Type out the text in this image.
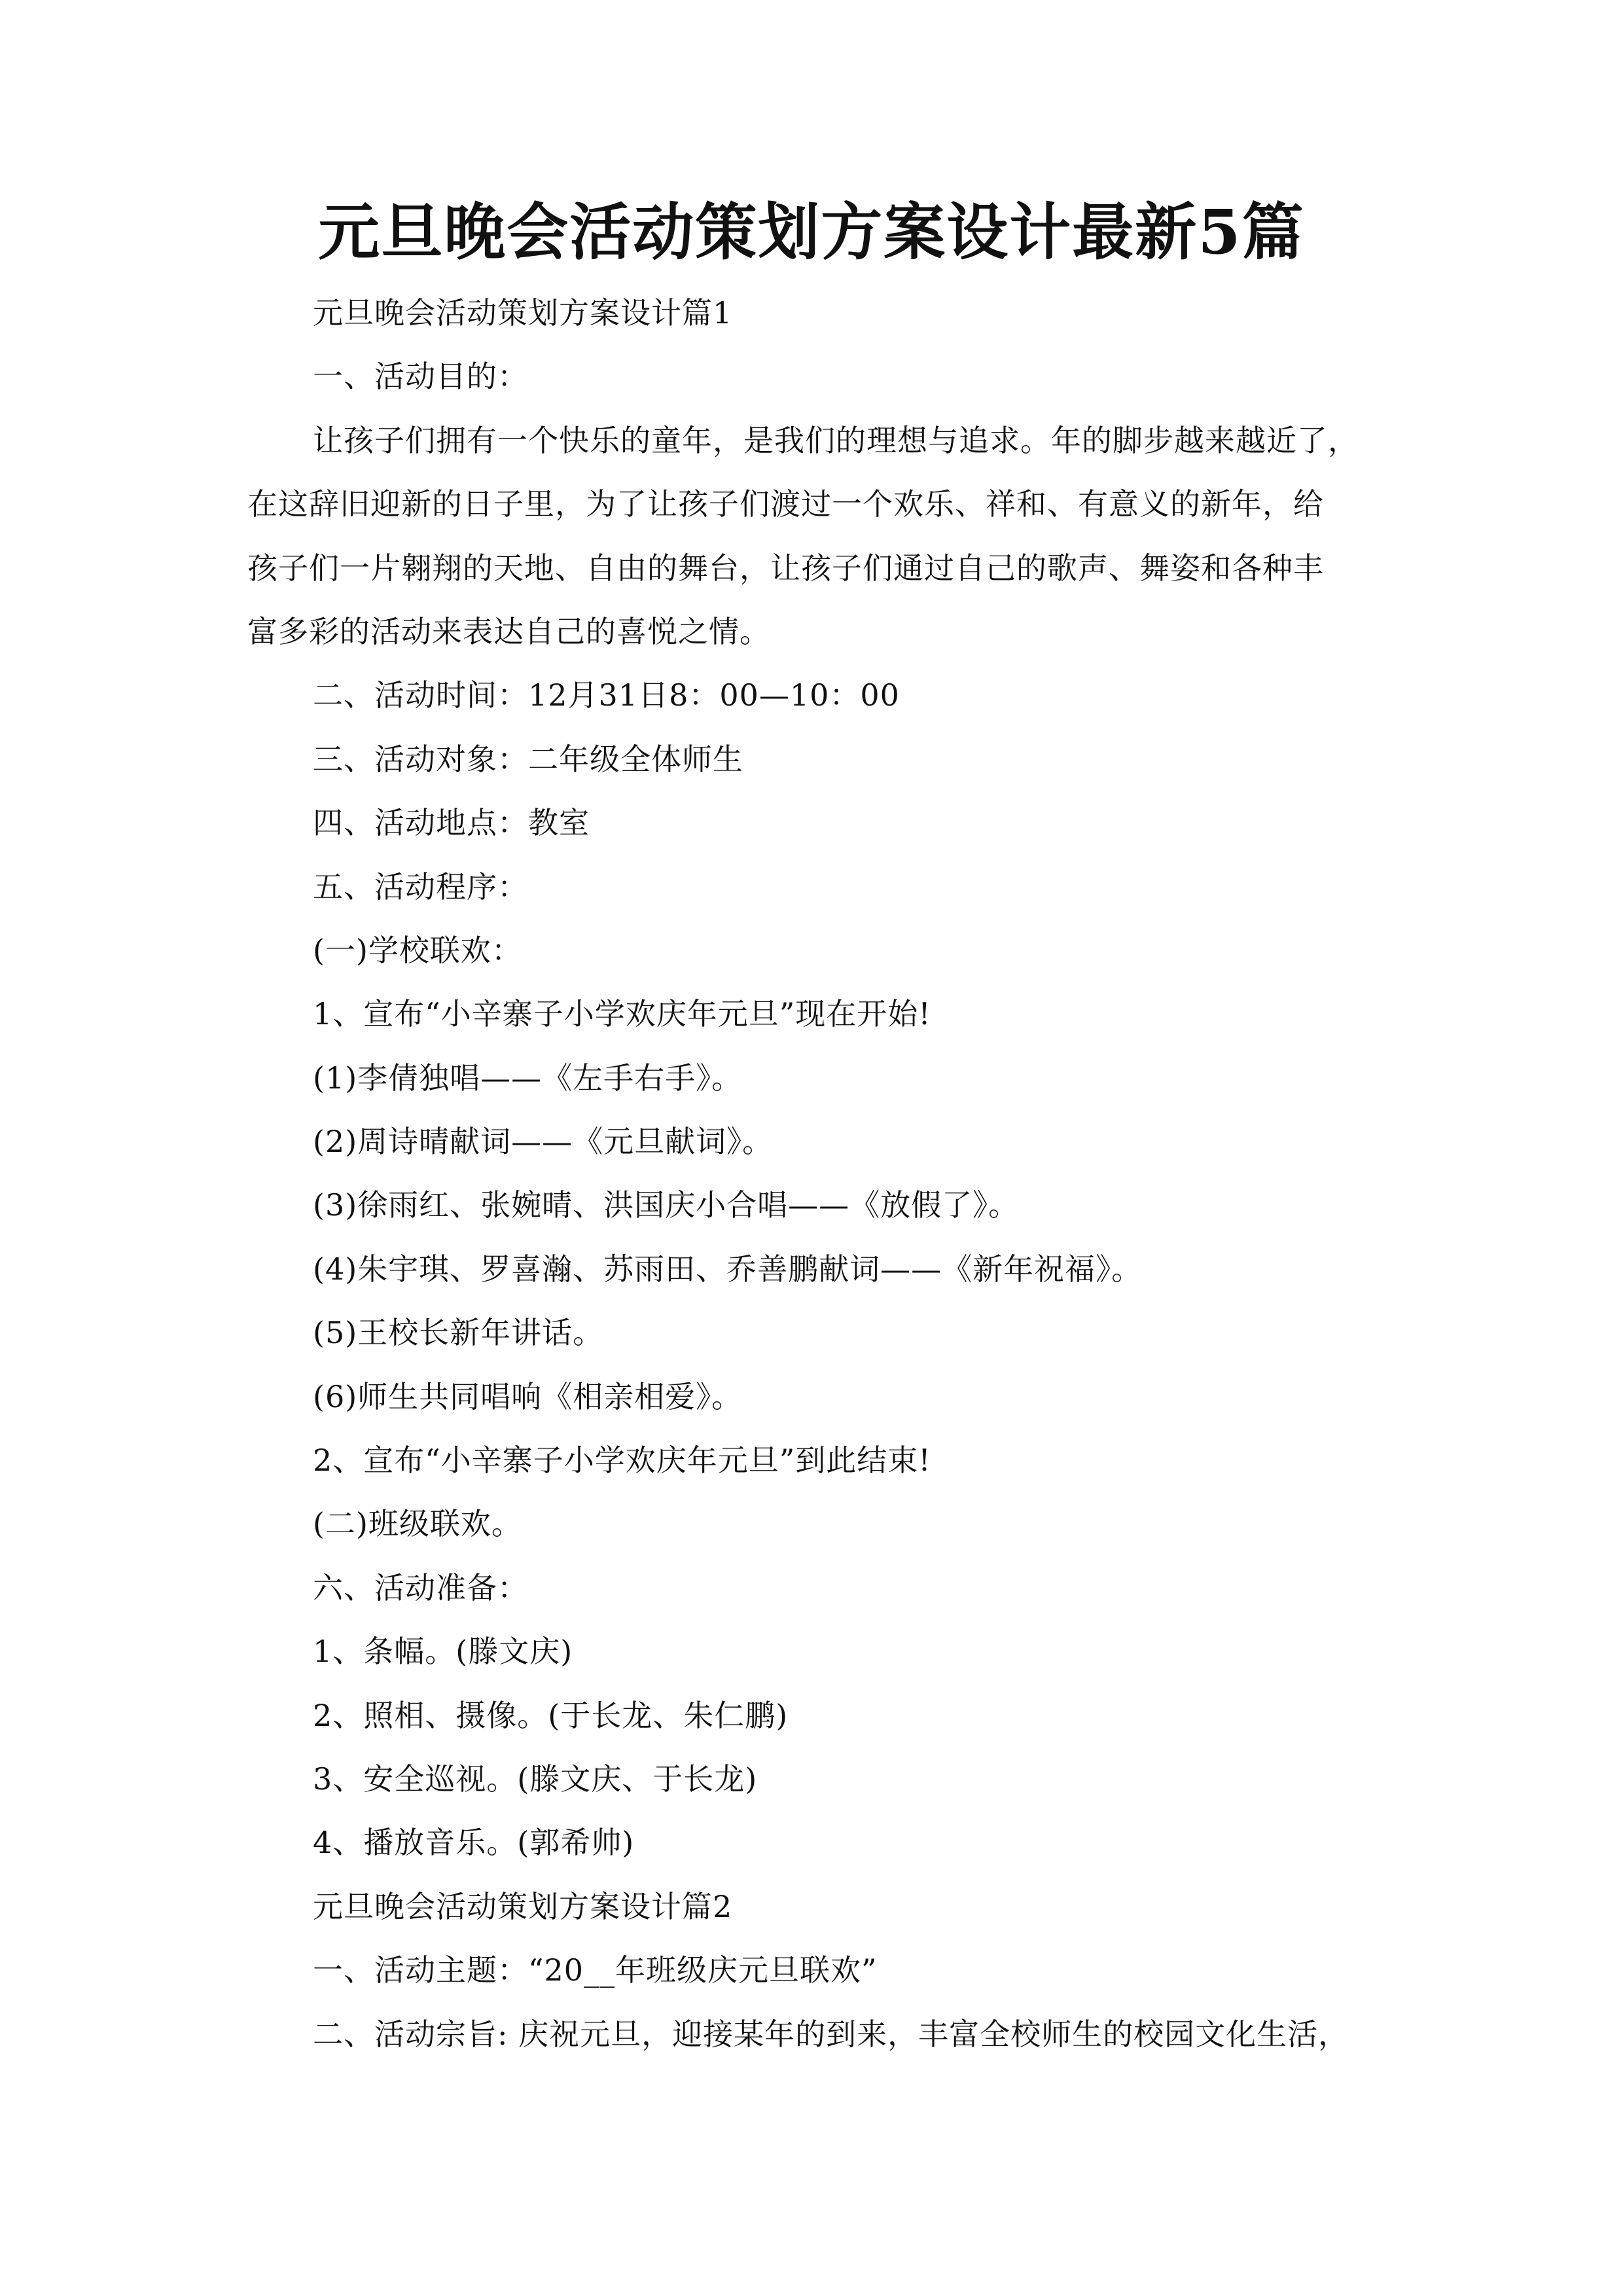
元旦晚会活动策划方案设计最新5篇
元旦晚会活动策划方案设计篇1
一、活动目的：
让孩子们拥有一个快乐的童年，是我们的理想与追求。年的脚步越来越近了，
在这辞旧迎新的日子里，为了让孩子们渡过一个欢乐、祥和、有意义的新年，给
孩子们一片翱翔的天地、自由的舞台，让孩子们通过自己的歌声、舞姿和各种丰
富多彩的活动来表达自己的喜悦之情。
二、活动时间：12月31日8：00—10：00
三、活动对象：二年级全体师生
四、活动地点：教室
五、活动程序：
(一)学校联欢：
1、宣布“小辛寨子小学欢庆年元旦”现在开始!
(1)李倩独唱——《左手右手》。
(2)周诗晴献词——《元旦献词》。
(3)徐雨红、张婉晴、洪国庆小合唱——《放假了》。
(4)朱宇琪、罗喜瀚、苏雨田、乔善鹏献词——《新年祝福》。
(5)王校长新年讲话。
(6)师生共同唱响《相亲相爱》。
2、宣布“小辛寨子小学欢庆年元旦”到此结束!
(二)班级联欢。
六、活动准备：
1、条幅。(滕文庆)
2、照相、摄像。(于长龙、朱仁鹏)
3、安全巡视。(滕文庆、于长龙)
4、播放音乐。(郭希帅)
元旦晚会活动策划方案设计篇2
一、活动主题：“20__年班级庆元旦联欢”
二、活动宗旨: 庆祝元旦，迎接某年的到来，丰富全校师生的校园文化生活，
